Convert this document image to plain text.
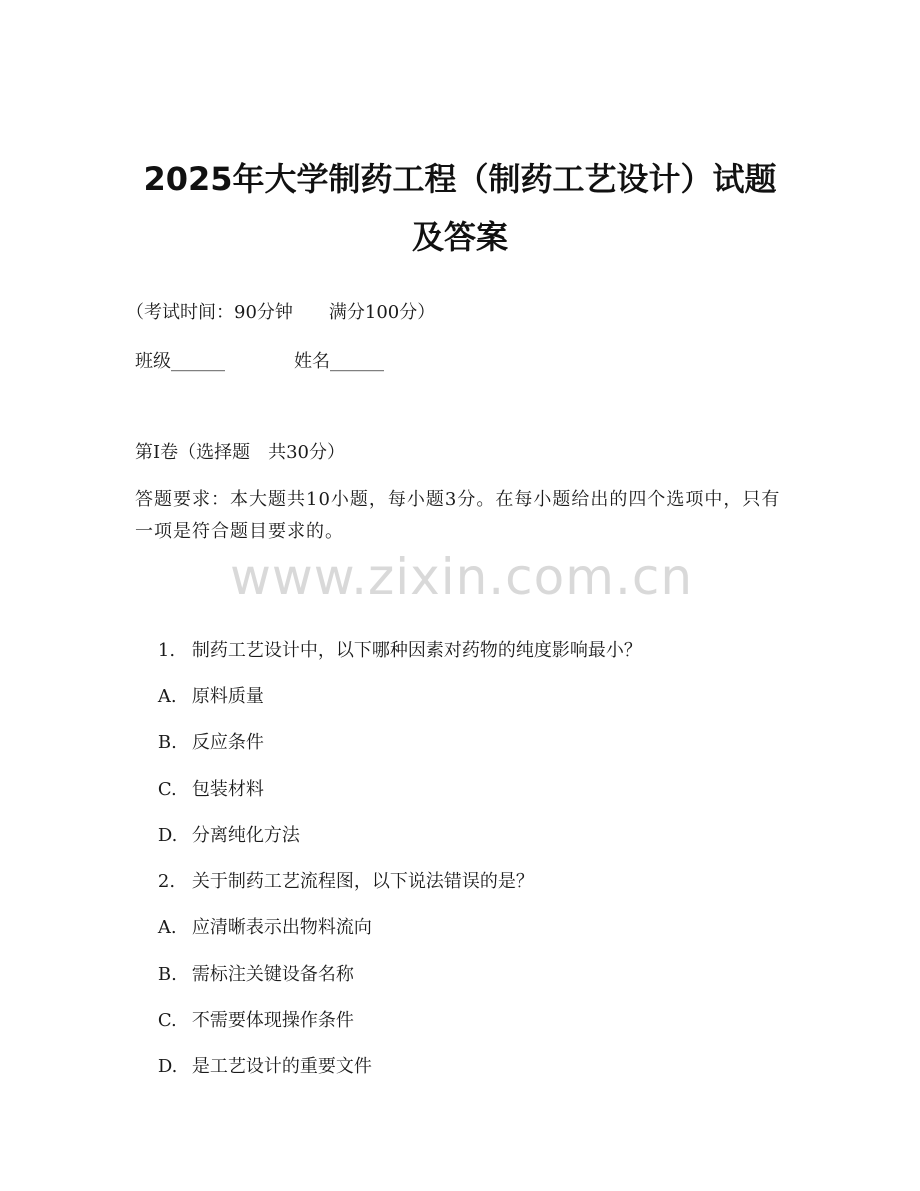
2025年大学制药工程（制药工艺设计）试题
及答案
（考试时间：90分钟　　满分100分）
班级______	姓名______
第Ⅰ卷（选择题　共30分）
答题要求：本大题共10小题，每小题3分。在每小题给出的四个选项中，只有一项是符合题目要求的。
www.zixin.com.cn

1. 制药工艺设计中，以下哪种因素对药物的纯度影响最小？

A. 原料质量

B. 反应条件

C. 包装材料

D. 分离纯化方法

2. 关于制药工艺流程图，以下说法错误的是？

A. 应清晰表示出物料流向

B. 需标注关键设备名称

C. 不需要体现操作条件

D. 是工艺设计的重要文件
